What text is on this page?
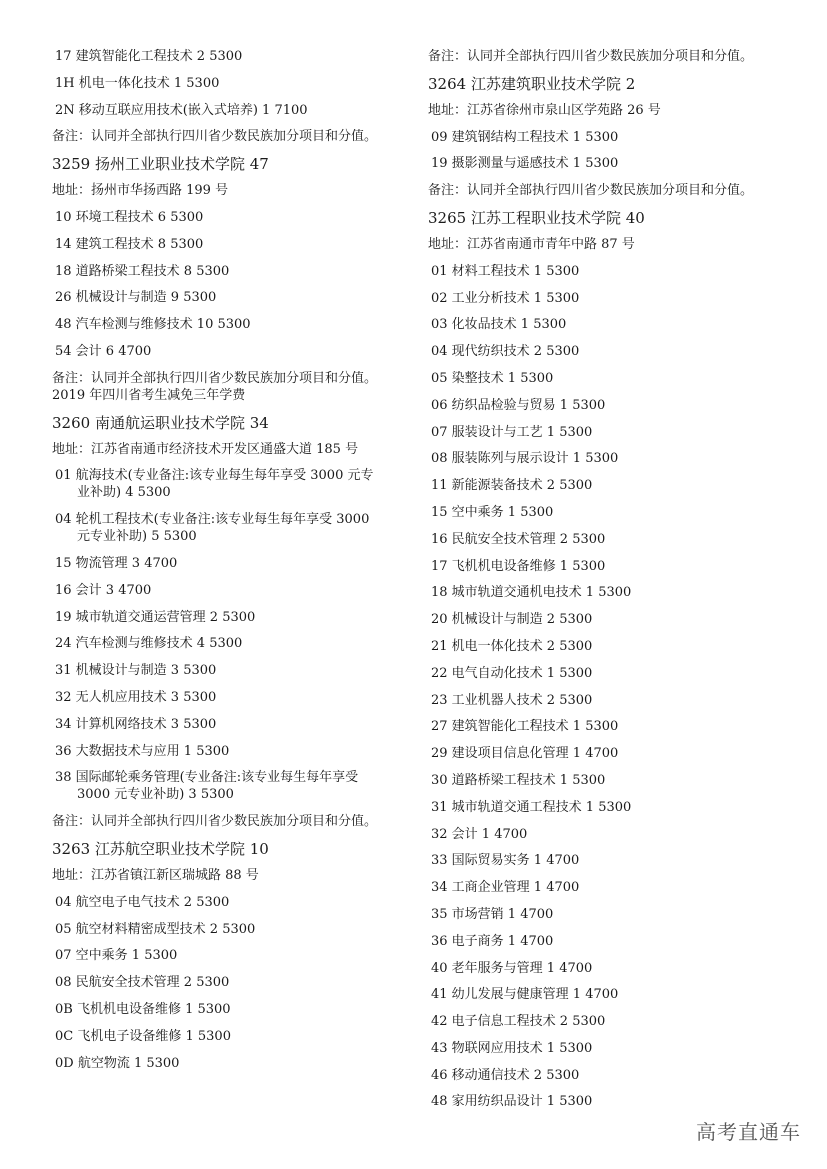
17 建筑智能化工程技术 2 5300
1H 机电一体化技术 1 5300
2N 移动互联应用技术(嵌入式培养) 1 7100
备注：认同并全部执行四川省少数民族加分项目和分值。
3259 扬州工业职业技术学院 47
地址：扬州市华扬西路 199 号
10 环境工程技术 6 5300
14 建筑工程技术 8 5300
18 道路桥梁工程技术 8 5300
26 机械设计与制造 9 5300
48 汽车检测与维修技术 10 5300
54 会计 6 4700
备注：认同并全部执行四川省少数民族加分项目和分值。
2019 年四川省考生减免三年学费
3260 南通航运职业技术学院 34
地址：江苏省南通市经济技术开发区通盛大道 185 号
01 航海技术(专业备注:该专业每生每年享受 3000 元专
业补助) 4 5300
04 轮机工程技术(专业备注:该专业每生每年享受 3000
元专业补助) 5 5300
15 物流管理 3 4700
16 会计 3 4700
19 城市轨道交通运营管理 2 5300
24 汽车检测与维修技术 4 5300
31 机械设计与制造 3 5300
32 无人机应用技术 3 5300
34 计算机网络技术 3 5300
36 大数据技术与应用 1 5300
38 国际邮轮乘务管理(专业备注:该专业每生每年享受
3000 元专业补助) 3 5300
备注：认同并全部执行四川省少数民族加分项目和分值。
3263 江苏航空职业技术学院 10
地址：江苏省镇江新区瑞城路 88 号
04 航空电子电气技术 2 5300
05 航空材料精密成型技术 2 5300
07 空中乘务 1 5300
08 民航安全技术管理 2 5300
0B 飞机机电设备维修 1 5300
0C 飞机电子设备维修 1 5300
0D 航空物流 1 5300
备注：认同并全部执行四川省少数民族加分项目和分值。
3264 江苏建筑职业技术学院 2
地址：江苏省徐州市泉山区学苑路 26 号
09 建筑钢结构工程技术 1 5300
19 摄影测量与遥感技术 1 5300
备注：认同并全部执行四川省少数民族加分项目和分值。
3265 江苏工程职业技术学院 40
地址：江苏省南通市青年中路 87 号
01 材料工程技术 1 5300
02 工业分析技术 1 5300
03 化妆品技术 1 5300
04 现代纺织技术 2 5300
05 染整技术 1 5300
06 纺织品检验与贸易 1 5300
07 服装设计与工艺 1 5300
08 服装陈列与展示设计 1 5300
11 新能源装备技术 2 5300
15 空中乘务 1 5300
16 民航安全技术管理 2 5300
17 飞机机电设备维修 1 5300
18 城市轨道交通机电技术 1 5300
20 机械设计与制造 2 5300
21 机电一体化技术 2 5300
22 电气自动化技术 1 5300
23 工业机器人技术 2 5300
27 建筑智能化工程技术 1 5300
29 建设项目信息化管理 1 4700
30 道路桥梁工程技术 1 5300
31 城市轨道交通工程技术 1 5300
32 会计 1 4700
33 国际贸易实务 1 4700
34 工商企业管理 1 4700
35 市场营销 1 4700
36 电子商务 1 4700
40 老年服务与管理 1 4700
41 幼儿发展与健康管理 1 4700
42 电子信息工程技术 2 5300
43 物联网应用技术 1 5300
46 移动通信技术 2 5300
48 家用纺织品设计 1 5300
高考直通车
